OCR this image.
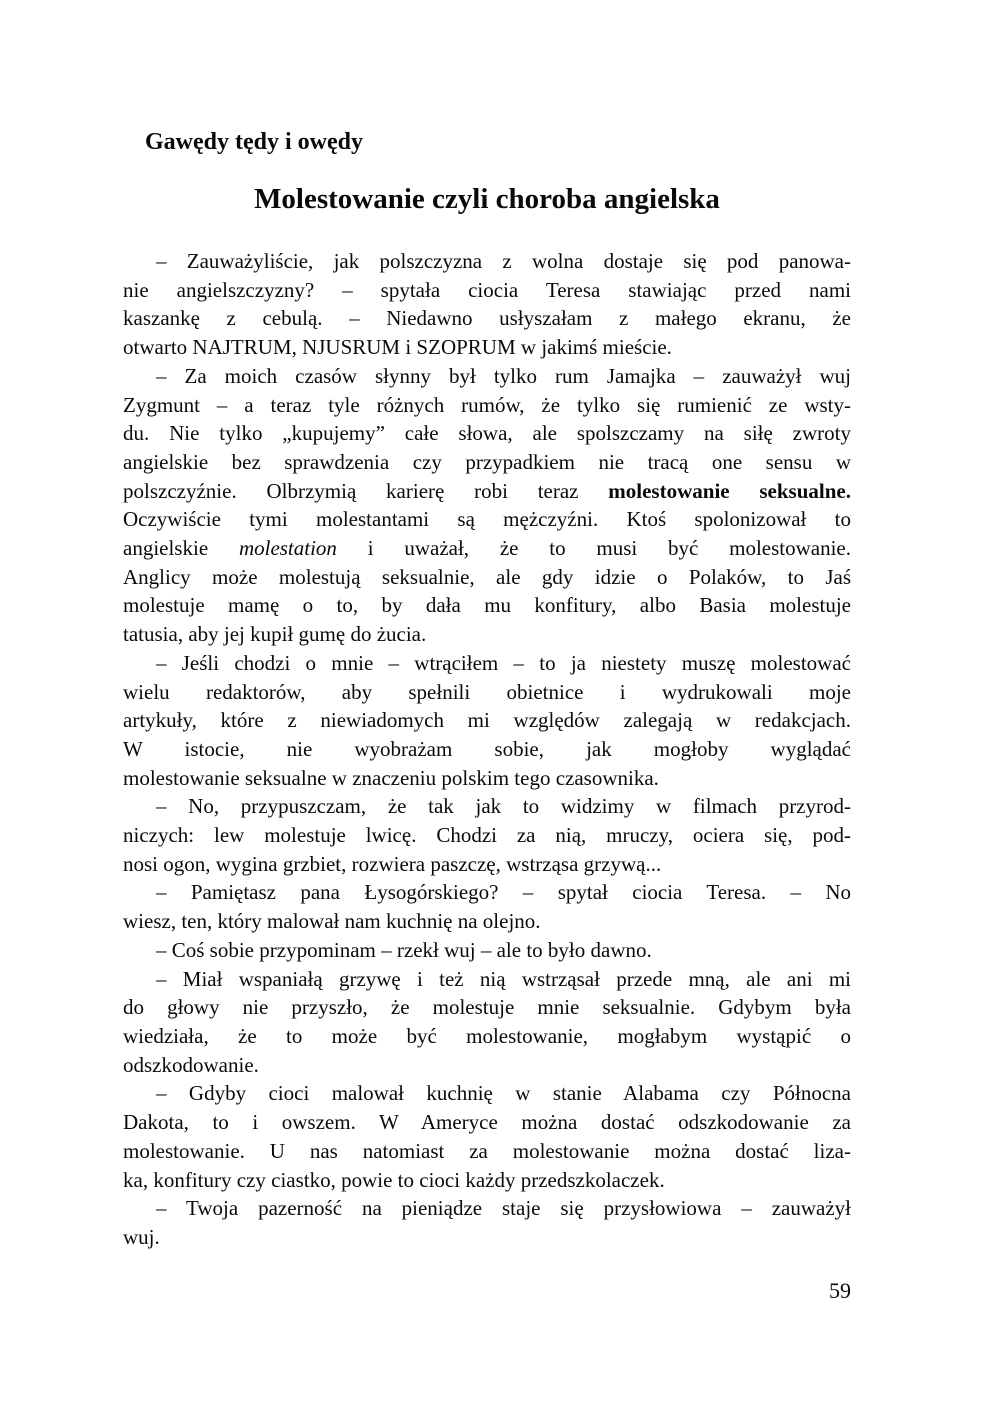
Gawędy tędy i owędy
Molestowanie czyli choroba angielska
– Zauważyliście, jak polszczyzna z wolna dostaje się pod panowa-
nie angielszczyzny? – spytała ciocia Teresa stawiając przed nami
kaszankę z cebulą. – Niedawno usłyszałam z małego ekranu, że
otwarto NAJTRUM, NJUSRUM i SZOPRUM w jakimś mieście.
– Za moich czasów słynny był tylko rum Jamajka – zauważył wuj
Zygmunt – a teraz tyle różnych rumów, że tylko się rumienić ze wsty-
du. Nie tylko „kupujemy” całe słowa, ale spolszczamy na siłę zwroty
angielskie bez sprawdzenia czy przypadkiem nie tracą one sensu w
polszczyźnie. Olbrzymią karierę robi teraz molestowanie seksualne.
Oczywiście tymi molestantami są mężczyźni. Ktoś spolonizował to
angielskie molestation i uważał, że to musi być molestowanie.
Anglicy może molestują seksualnie, ale gdy idzie o Polaków, to Jaś
molestuje mamę o to, by dała mu konfitury, albo Basia molestuje
tatusia, aby jej kupił gumę do żucia.
– Jeśli chodzi o mnie – wtrąciłem – to ja niestety muszę molestować
wielu redaktorów, aby spełnili obietnice i wydrukowali moje
artykuły, które z niewiadomych mi względów zalegają w redakcjach.
W istocie, nie wyobrażam sobie, jak mogłoby wyglądać
molestowanie seksualne w znaczeniu polskim tego czasownika.
– No, przypuszczam, że tak jak to widzimy w filmach przyrod-
niczych: lew molestuje lwicę. Chodzi za nią, mruczy, ociera się, pod-
nosi ogon, wygina grzbiet, rozwiera paszczę, wstrząsa grzywą...
– Pamiętasz pana Łysogórskiego? – spytał ciocia Teresa. – No
wiesz, ten, który malował nam kuchnię na olejno.
– Coś sobie przypominam – rzekł wuj – ale to było dawno.
– Miał wspaniałą grzywę i też nią wstrząsał przede mną, ale ani mi
do głowy nie przyszło, że molestuje mnie seksualnie. Gdybym była
wiedziała, że to może być molestowanie, mogłabym wystąpić o
odszkodowanie.
– Gdyby cioci malował kuchnię w stanie Alabama czy Północna
Dakota, to i owszem. W Ameryce można dostać odszkodowanie za
molestowanie. U nas natomiast za molestowanie można dostać liza-
ka, konfitury czy ciastko, powie to cioci każdy przedszkolaczek.
– Twoja pazerność na pieniądze staje się przysłowiowa – zauważył
wuj.
59
